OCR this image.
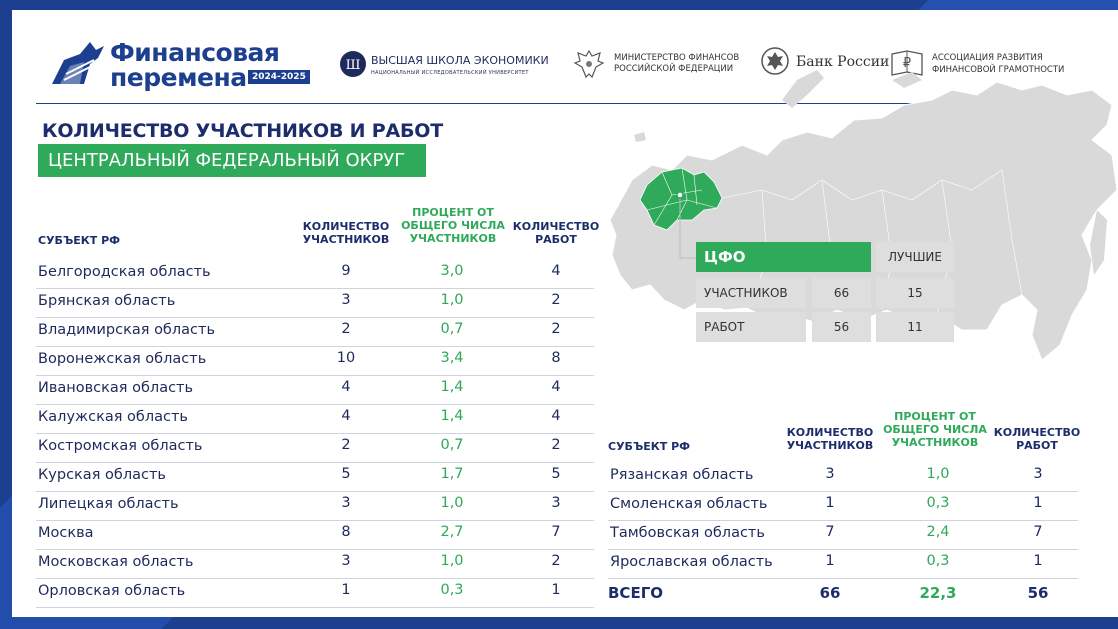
Финансовая
перемена 2024-2025
Ш ВЫСШАЯ ШКОЛА ЭКОНОМИКИ
НАЦИОНАЛЬНЫЙ ИССЛЕДОВАТЕЛЬСКИЙ УНИВЕРСИТЕТ
МИНИСТЕРСТВО ФИНАНСОВ
РОССИЙСКОЙ ФЕДЕРАЦИИ	Банк России ₽ АССОЦИАЦИЯ РАЗВИТИЯ
ФИНАНСОВОЙ ГРАМОТНОСТИ
КОЛИЧЕСТВО УЧАСТНИКОВ И РАБОТ
ЦЕНТРАЛЬНЫЙ ФЕДЕРАЛЬНЫЙ ОКРУГ
СУБЪЕКТ РФ
КОЛИЧЕСТВО
УЧАСТНИКОВ
ПРОЦЕНТ ОТ
ОБЩЕГО ЧИСЛА
УЧАСТНИКОВ
КОЛИЧЕСТВО
РАБОТ
Белгородская область	9	3,0	4
Брянская область	3	1,0	2
Владимирская область	2	0,7	2
Воронежская область	10	3,4	8
Ивановская область	4	1,4	4
Калужская область	4	1,4	4
Костромская область	2	0,7	2
Курская область	5	1,7	5
Липецкая область	3	1,0	3
Москва	8	2,7	7
Московская область	3	1,0	2
Орловская область	1	0,3	1
ЦФО	ЛУЧШИЕ
УЧАСТНИКОВ	66	15
РАБОТ	56	11
СУБЪЕКТ РФ
КОЛИЧЕСТВО
УЧАСТНИКОВ
ПРОЦЕНТ ОТ
ОБЩЕГО ЧИСЛА
УЧАСТНИКОВ
КОЛИЧЕСТВО
РАБОТ
Рязанская область	3	1,0	3
Смоленская область	1	0,3	1
Тамбовская область	7	2,4	7
Ярославская область	1	0,3	1
ВСЕГО	66	22,3	56
